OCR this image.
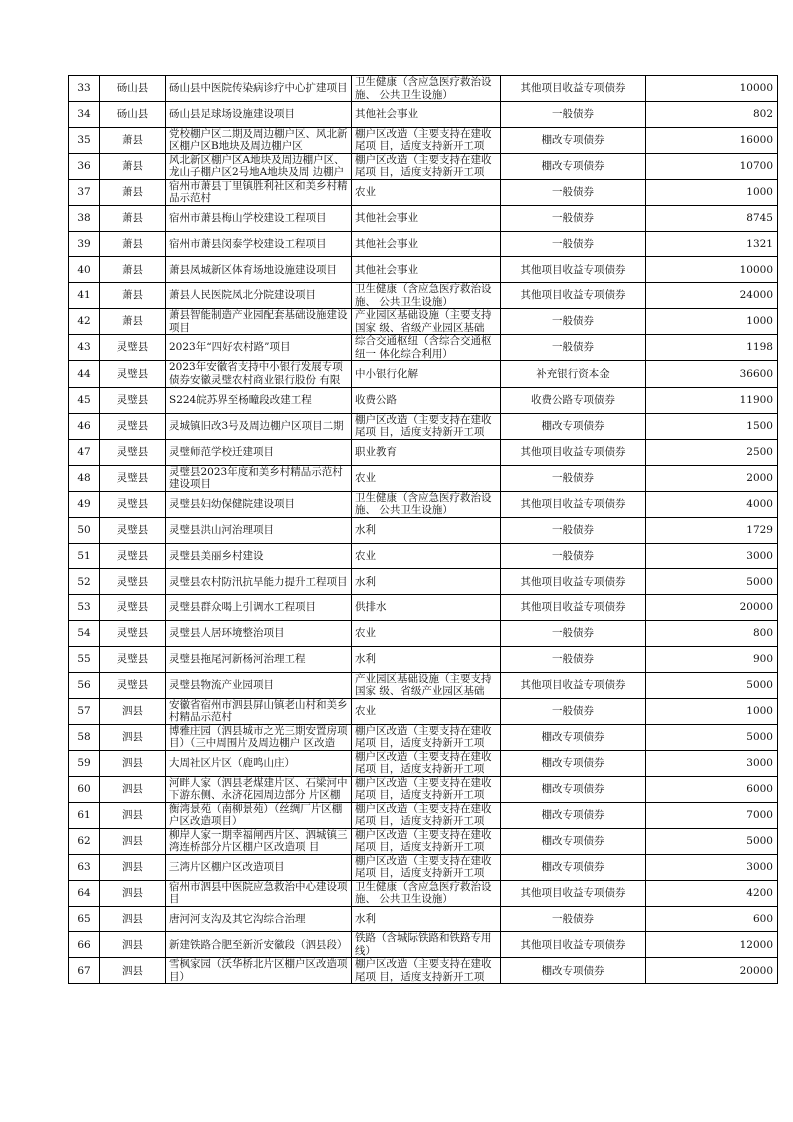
33	砀山县	砀山县中医院传染病诊疗中心扩建项目	卫生健康（含应急医疗救治设施、 公共卫生设施）	其他项目收益专项债券	10000

34	砀山县	砀山县足球场设施建设项目	其他社会事业	一般债券	802

35	萧县	党校棚户区二期及周边棚户区、风北新区棚户区B地块及周边棚户区	棚户区改造（主要支持在建收尾项 目，适度支持新开工项	棚改专项债券	16000

36	萧县	风北新区棚户区A地块及周边棚户区、龙山子棚户区2号地A地块及周 边棚户	棚户区改造（主要支持在建收尾项 目，适度支持新开工项	棚改专项债券	10700

37	萧县	宿州市萧县丁里镇胜利社区和美乡村精品示范村	农业	一般债券	1000

38	萧县	宿州市萧县梅山学校建设工程项目	其他社会事业	一般债券	8745

39	萧县	宿州市萧县闵泰学校建设工程项目	其他社会事业	一般债券	1321

40	萧县	萧县凤城新区体育场地设施建设项目	其他社会事业	其他项目收益专项债券	10000

41	萧县	萧县人民医院凤北分院建设项目	卫生健康（含应急医疗救治设施、 公共卫生设施）	其他项目收益专项债券	24000

42	萧县	萧县智能制造产业园配套基础设施建设项目	产业园区基础设施（主要支持国家 级、省级产业园区基础	一般债券	1000

43	灵璧县	2023年“四好农村路”项目	综合交通枢纽（含综合交通枢纽一 体化综合利用）	一般债券	1198

44	灵璧县	2023年安徽省支持中小银行发展专项债券安徽灵璧农村商业银行股份 有限	中小银行化解	补充银行资本金	36600

45	灵璧县	S224皖苏界至杨疃段改建工程	收费公路	收费公路专项债券	11900

46	灵璧县	灵城镇旧改3号及周边棚户区项目二期	棚户区改造（主要支持在建收尾项 目，适度支持新开工项	棚改专项债券	1500

47	灵璧县	灵璧师范学校迁建项目	职业教育	其他项目收益专项债券	2500

48	灵璧县	灵璧县2023年度和美乡村精品示范村建设项目	农业	一般债券	2000

49	灵璧县	灵璧县妇幼保健院建设项目	卫生健康（含应急医疗救治设施、 公共卫生设施）	其他项目收益专项债券	4000

50	灵璧县	灵璧县洪山河治理项目	水利	一般债券	1729

51	灵璧县	灵璧县美丽乡村建设	农业	一般债券	3000

52	灵璧县	灵璧县农村防汛抗旱能力提升工程项目	水利	其他项目收益专项债券	5000

53	灵璧县	灵璧县群众喝上引调水工程项目	供排水	其他项目收益专项债券	20000

54	灵璧县	灵璧县人居环境整治项目	农业	一般债券	800

55	灵璧县	灵璧县拖尾河新杨河治理工程	水利	一般债券	900

56	灵璧县	灵璧县物流产业园项目	产业园区基础设施（主要支持国家 级、省级产业园区基础	其他项目收益专项债券	5000

57	泗县	安徽省宿州市泗县屏山镇老山村和美乡村精品示范村	农业	一般债券	1000

58	泗县	博雅庄园（泗县城市之光三期安置房项目）（三中周围片及周边棚户 区改造	棚户区改造（主要支持在建收尾项 目，适度支持新开工项	棚改专项债券	5000

59	泗县	大周社区片区（鹿鸣山庄）	棚户区改造（主要支持在建收尾项 目，适度支持新开工项	棚改专项债券	3000

60	泗县	河畔人家（泗县老煤建片区、石梁河中下游东侧、永济花园周边部分 片区棚	棚户区改造（主要支持在建收尾项 目，适度支持新开工项	棚改专项债券	6000

61	泗县	衡湾景苑（南柳景苑）（丝绸厂片区棚户区改造项目）	棚户区改造（主要支持在建收尾项 目，适度支持新开工项	棚改专项债券	7000

62	泗县	柳岸人家一期幸福闸西片区、泗城镇三湾连桥部分片区棚户区改造项 目	棚户区改造（主要支持在建收尾项 目，适度支持新开工项	棚改专项债券	5000

63	泗县	三湾片区棚户区改造项目	棚户区改造（主要支持在建收尾项 目，适度支持新开工项	棚改专项债券	3000

64	泗县	宿州市泗县中医院应急救治中心建设项目	卫生健康（含应急医疗救治设施、 公共卫生设施）	其他项目收益专项债券	4200

65	泗县	唐河河支沟及其它沟综合治理	水利	一般债券	600

66	泗县	新建铁路合肥至新沂安徽段（泗县段）	铁路（含城际铁路和铁路专用线）	其他项目收益专项债券	12000

67	泗县	雪枫家园（沃华桥北片区棚户区改造项目）	棚户区改造（主要支持在建收尾项 目，适度支持新开工项	棚改专项债券	20000
